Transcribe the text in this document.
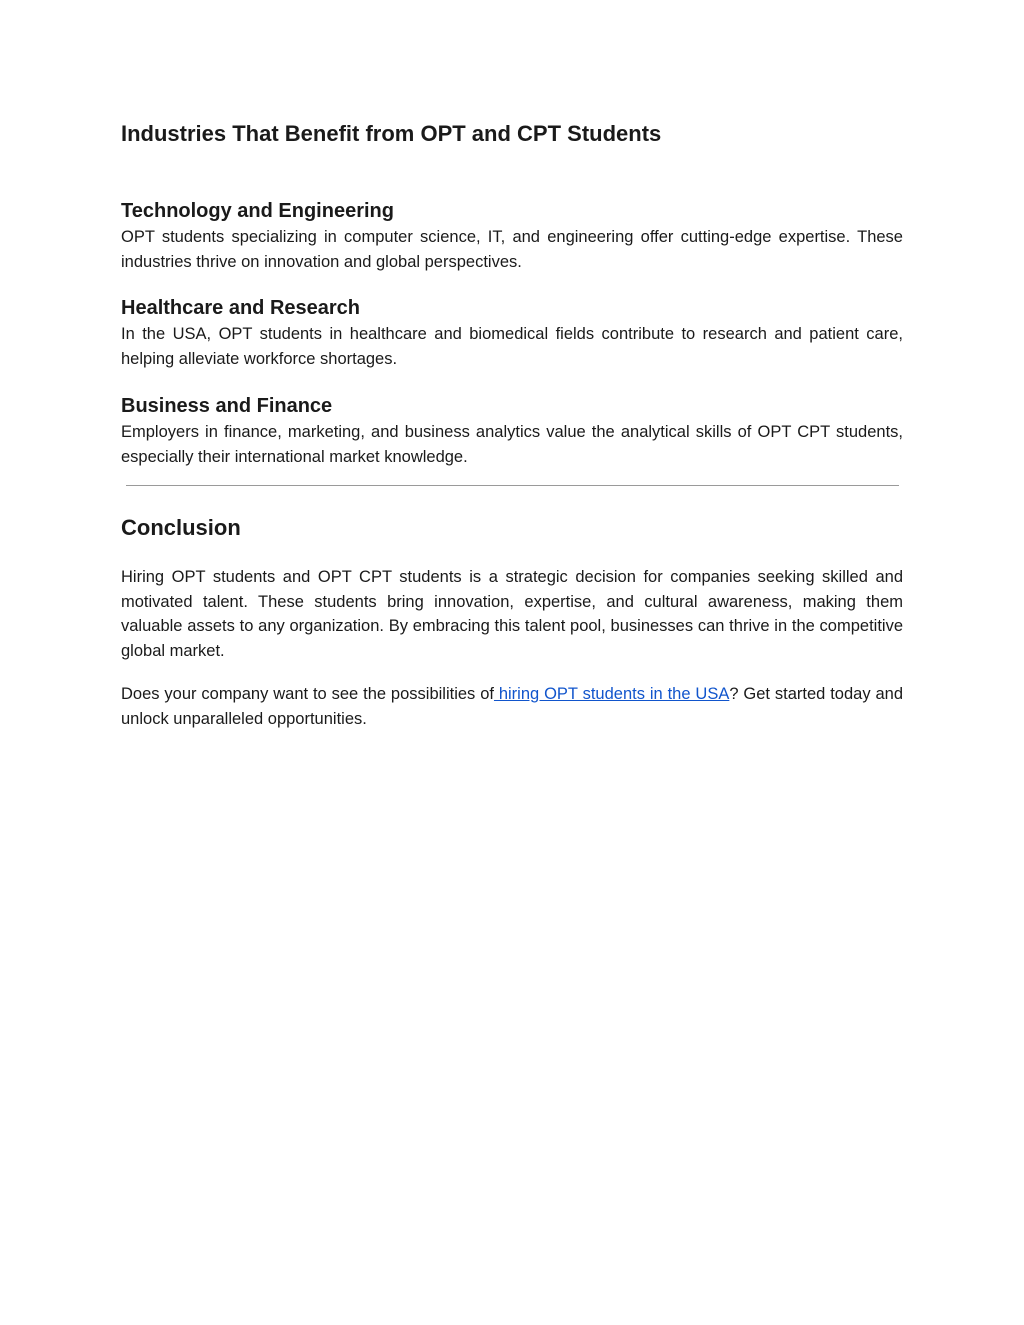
Industries That Benefit from OPT and CPT Students
Technology and Engineering

OPT students specializing in computer science, IT, and engineering offer cutting-edge expertise. These industries thrive on innovation and global perspectives.

Healthcare and Research

In the USA, OPT students in healthcare and biomedical fields contribute to research and patient care, helping alleviate workforce shortages.

Business and Finance

Employers in finance, marketing, and business analytics value the analytical skills of OPT CPT students, especially their international market knowledge.

Conclusion

Hiring OPT students and OPT CPT students is a strategic decision for companies seeking skilled and motivated talent. These students bring innovation, expertise, and cultural awareness, making them valuable assets to any organization. By embracing this talent pool, businesses can thrive in the competitive global market.

Does your company want to see the possibilities of hiring OPT students in the USA? Get started today and unlock unparalleled opportunities.
